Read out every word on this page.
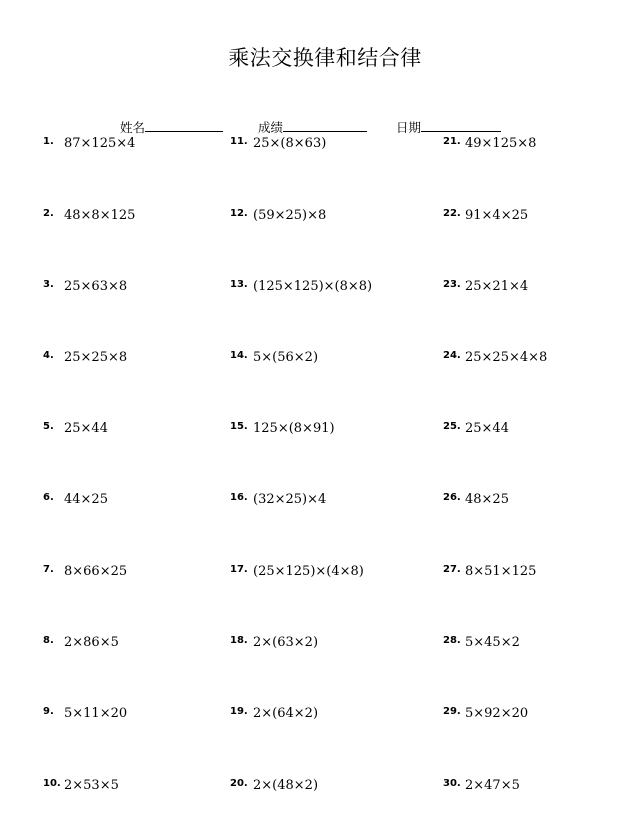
乘法交换律和结合律
姓名	成绩	日期
1. 87×125×4
2. 48×8×125
3. 25×63×8
4. 25×25×8
5. 25×44
6. 44×25
7. 8×66×25
8. 2×86×5
9. 5×11×20
10. 2×53×5
11. 25×(8×63)
12. (59×25)×8
13. (125×125)×(8×8)
14. 5×(56×2)
15. 125×(8×91)
16. (32×25)×4
17. (25×125)×(4×8)
18. 2×(63×2)
19. 2×(64×2)
20. 2×(48×2)
21. 49×125×8
22. 91×4×25
23. 25×21×4
24. 25×25×4×8
25. 25×44
26. 48×25
27. 8×51×125
28. 5×45×2
29. 5×92×20
30. 2×47×5
